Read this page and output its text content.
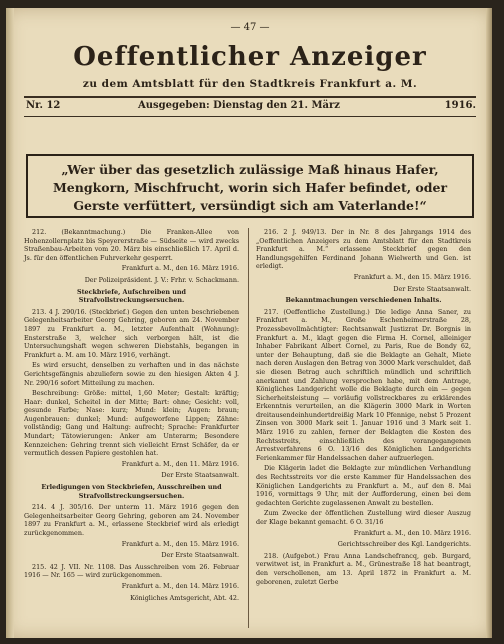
— 47 —
Oeffentlicher Anzeiger
zu dem Amtsblatt für den Stadtkreis Frankfurt a. M.
Nr. 12	Ausgegeben: Dienstag den 21. März	1916.
„Wer über das gesetzlich zulässige Maß hinaus Hafer,
Mengkorn, Mischfrucht, worin sich Hafer befindet, oder
Gerste verfüttert, versündigt sich am Vaterlande!“

212. (Bekanntmachung.) Die Franken-Allee von Hohenzollernplatz bis Speyererstraße — Südseite — wird zwecks Straßenbau-Arbeiten vom 20. März bis einschließlich 17. April d. Js. für den öffentlichen Fuhrverkehr gesperrt.

Frankfurt a. M., den 16. März 1916.

Der Polizeipräsident. J. V.: Frhr. v. Schackmann.

Steckbriefe, Aufschreiben und Strafvollstreckungsersuchen.

213. 4 J. 290/16. (Steckbrief.) Gegen den unten beschriebenen Gelegenheitsarbeiter Georg Gehring, geboren am 24. November 1897 zu Frankfurt a. M., letzter Aufenthalt (Wohnung): Ensterstraße 3, welcher sich verborgen hält, ist die Untersuchungshaft wegen schweren Diebstahls, begangen in Frankfurt a. M. am 10. März 1916, verhängt.

Es wird ersucht, denselben zu verhaften und in das nächste Gerichtsgefängnis abzuliefern sowie zu den hiesigen Akten 4 J. Nr. 290/16 sofort Mitteilung zu machen.

Beschreibung: Größe: mittel, 1,60 Meter; Gestalt: kräftig; Haar: dunkel, Scheitel in der Mitte; Bart: ohne; Gesicht: voll, gesunde Farbe; Nase: kurz; Mund: klein; Augen: braun; Augenbrauen: dunkel; Mund: aufgeworfene Lippen; Zähne: vollständig; Gang und Haltung: aufrecht; Sprache: Frankfurter Mundart; Tätowierungen: Anker am Unterarm; Besondere Kennzeichen: Gehring trennt sich vielleicht Ernst Schäfer, da er vermutlich dessen Papiere gestohlen hat.

Frankfurt a. M., den 11. März 1916.

Der Erste Staatsanwalt.

Erledigungen von Steckbriefen, Ausschreiben und Strafvollstreckungsersuchen.

214. 4 J. 305/16. Der unterm 11. März 1916 gegen den Gelegenheitsarbeiter Georg Gehring, geboren am 24. November 1897 zu Frankfurt a. M., erlassene Steckbrief wird als erledigt zurückgenommen.

Frankfurt a. M., den 15. März 1916.

Der Erste Staatsanwalt.

215. 42 J. VII. Nr. 1108. Das Ausschreiben vom 26. Februar 1916 — Nr. 165 — wird zurückgenommen.

Frankfurt a. M., den 14. März 1916.

Königliches Amtsgericht, Abt. 42.

216. 2 J. 949/13. Der in Nr. 8 des Jahrgangs 1914 des „Oeffentlichen Anzeigers zu dem Amtsblatt für den Stadtkreis Frankfurt a. M.“ erlassene Steckbrief gegen den Handlungsgehilfen Ferdinand Johann Wielwerth und Gen. ist erledigt.

Frankfurt a. M., den 15. März 1916.

Der Erste Staatsanwalt.

Bekanntmachungen verschiedenen Inhalts.

217. (Oeffentliche Zustellung.) Die ledige Anna Saner, zu Frankfurt a. M., Große Eschenheimerstraße 28, Prozessbevollmächtigter: Rechtsanwalt Justizrat Dr. Borgnis in Frankfurt a. M., klagt gegen die Firma H. Cornel, alleiniger Inhaber Fabrikant Albert Cornel, zu Paris, Rue de Bondy 62, unter der Behauptung, daß sie die Beklagte an Gehalt, Miete nach deren Auslagen den Betrag von 3000 Mark verschuldet, daß sie diesen Betrag auch schriftlich mündlich und schriftlich anerkannt und Zahlung versprochen habe, mit dem Antrage, Königliches Landgericht wolle die Beklagte durch ein — gegen Sicherheitsleistung — vorläufig vollstreckbares zu erklärendes Erkenntnis verurteilen, an die Klägerin 3000 Mark in Worten dreitausendeinhundertdreißig Mark 10 Pfennige, nebst 5 Prozent Zinsen von 3000 Mark seit 1. Januar 1916 und 3 Mark seit 1. März 1916 zu zahlen, ferner der Beklagten die Kosten des Rechtsstreits, einschließlich des vorangegangenen Arrestverfahrens 6 O. 13/16 des Königlichen Landgerichts Ferienkammer für Handelssachen daher aufzuerlegen.

Die Klägerin ladet die Beklagte zur mündlichen Verhandlung des Rechtsstreits vor die erste Kammer für Handelssachen des Königlichen Landgerichts zu Frankfurt a. M., auf den 8. Mai 1916, vormittags 9 Uhr, mit der Aufforderung, einen bei dem gedachten Gerichte zugelassenen Anwalt zu bestellen.

Zum Zwecke der öffentlichen Zustellung wird dieser Auszug der Klage bekannt gemacht. 6 O. 31/16

Frankfurt a. M., den 10. März 1916.

Gerichtsschreiber des Kgl. Landgerichts.

218. (Aufgebot.) Frau Anna Landschefrancq, geb. Burgard, verwitwet ist, in Frankfurt a. M., Grünestraße 18 hat beantragt, den verschollenen, am 13. April 1872 in Frankfurt a. M. geborenen, zuletzt Gerbe
